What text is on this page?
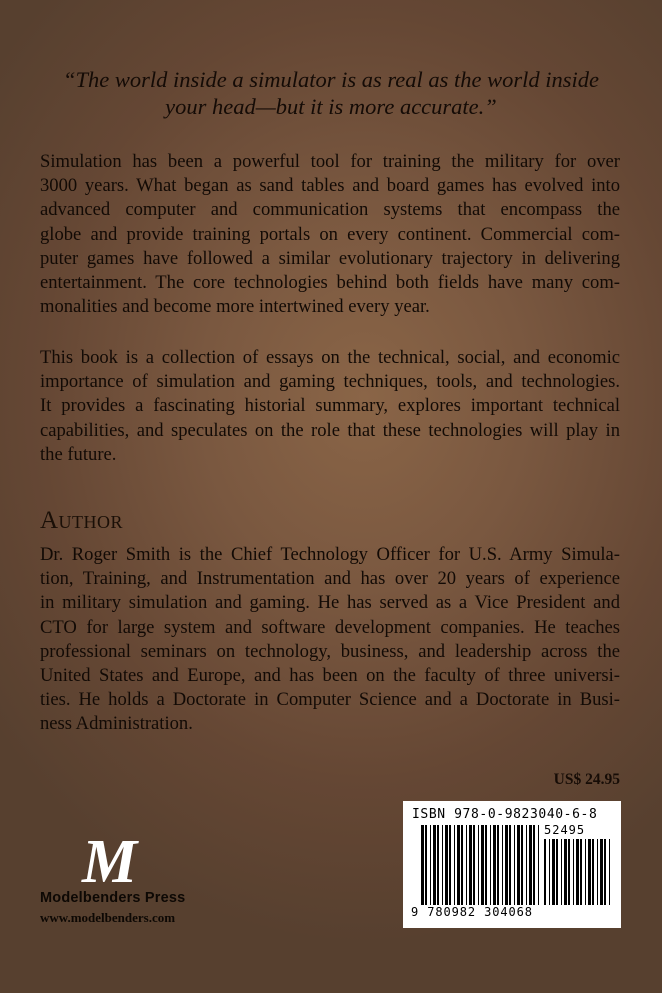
“The world inside a simulator is as real as the world inside
your head—but it is more accurate.”
Simulation has been a powerful tool for training the military for over
3000 years. What began as sand tables and board games has evolved into
advanced computer and communication systems that encompass the
globe and provide training portals on every continent. Commercial com-
puter games have followed a similar evolutionary trajectory in delivering
entertainment. The core technologies behind both fields have many com-
monalities and become more intertwined every year.
This book is a collection of essays on the technical, social, and economic
importance of simulation and gaming techniques, tools, and technologies.
It provides a fascinating historial summary, explores important technical
capabilities, and speculates on the role that these technologies will play in
the future.
Author
Dr. Roger Smith is the Chief Technology Officer for U.S. Army Simula-
tion, Training, and Instrumentation and has over 20 years of experience
in military simulation and gaming. He has served as a Vice President and
CTO for large system and software development companies. He teaches
professional seminars on technology, business, and leadership across the
United States and Europe, and has been on the faculty of three universi-
ties. He holds a Doctorate in Computer Science and a Doctorate in Busi-
ness Administration.
US$ 24.95
ISBN 978-0-9823040-6-8
52495
9 780982 304068
M
Modelbenders Press
www.modelbenders.com
